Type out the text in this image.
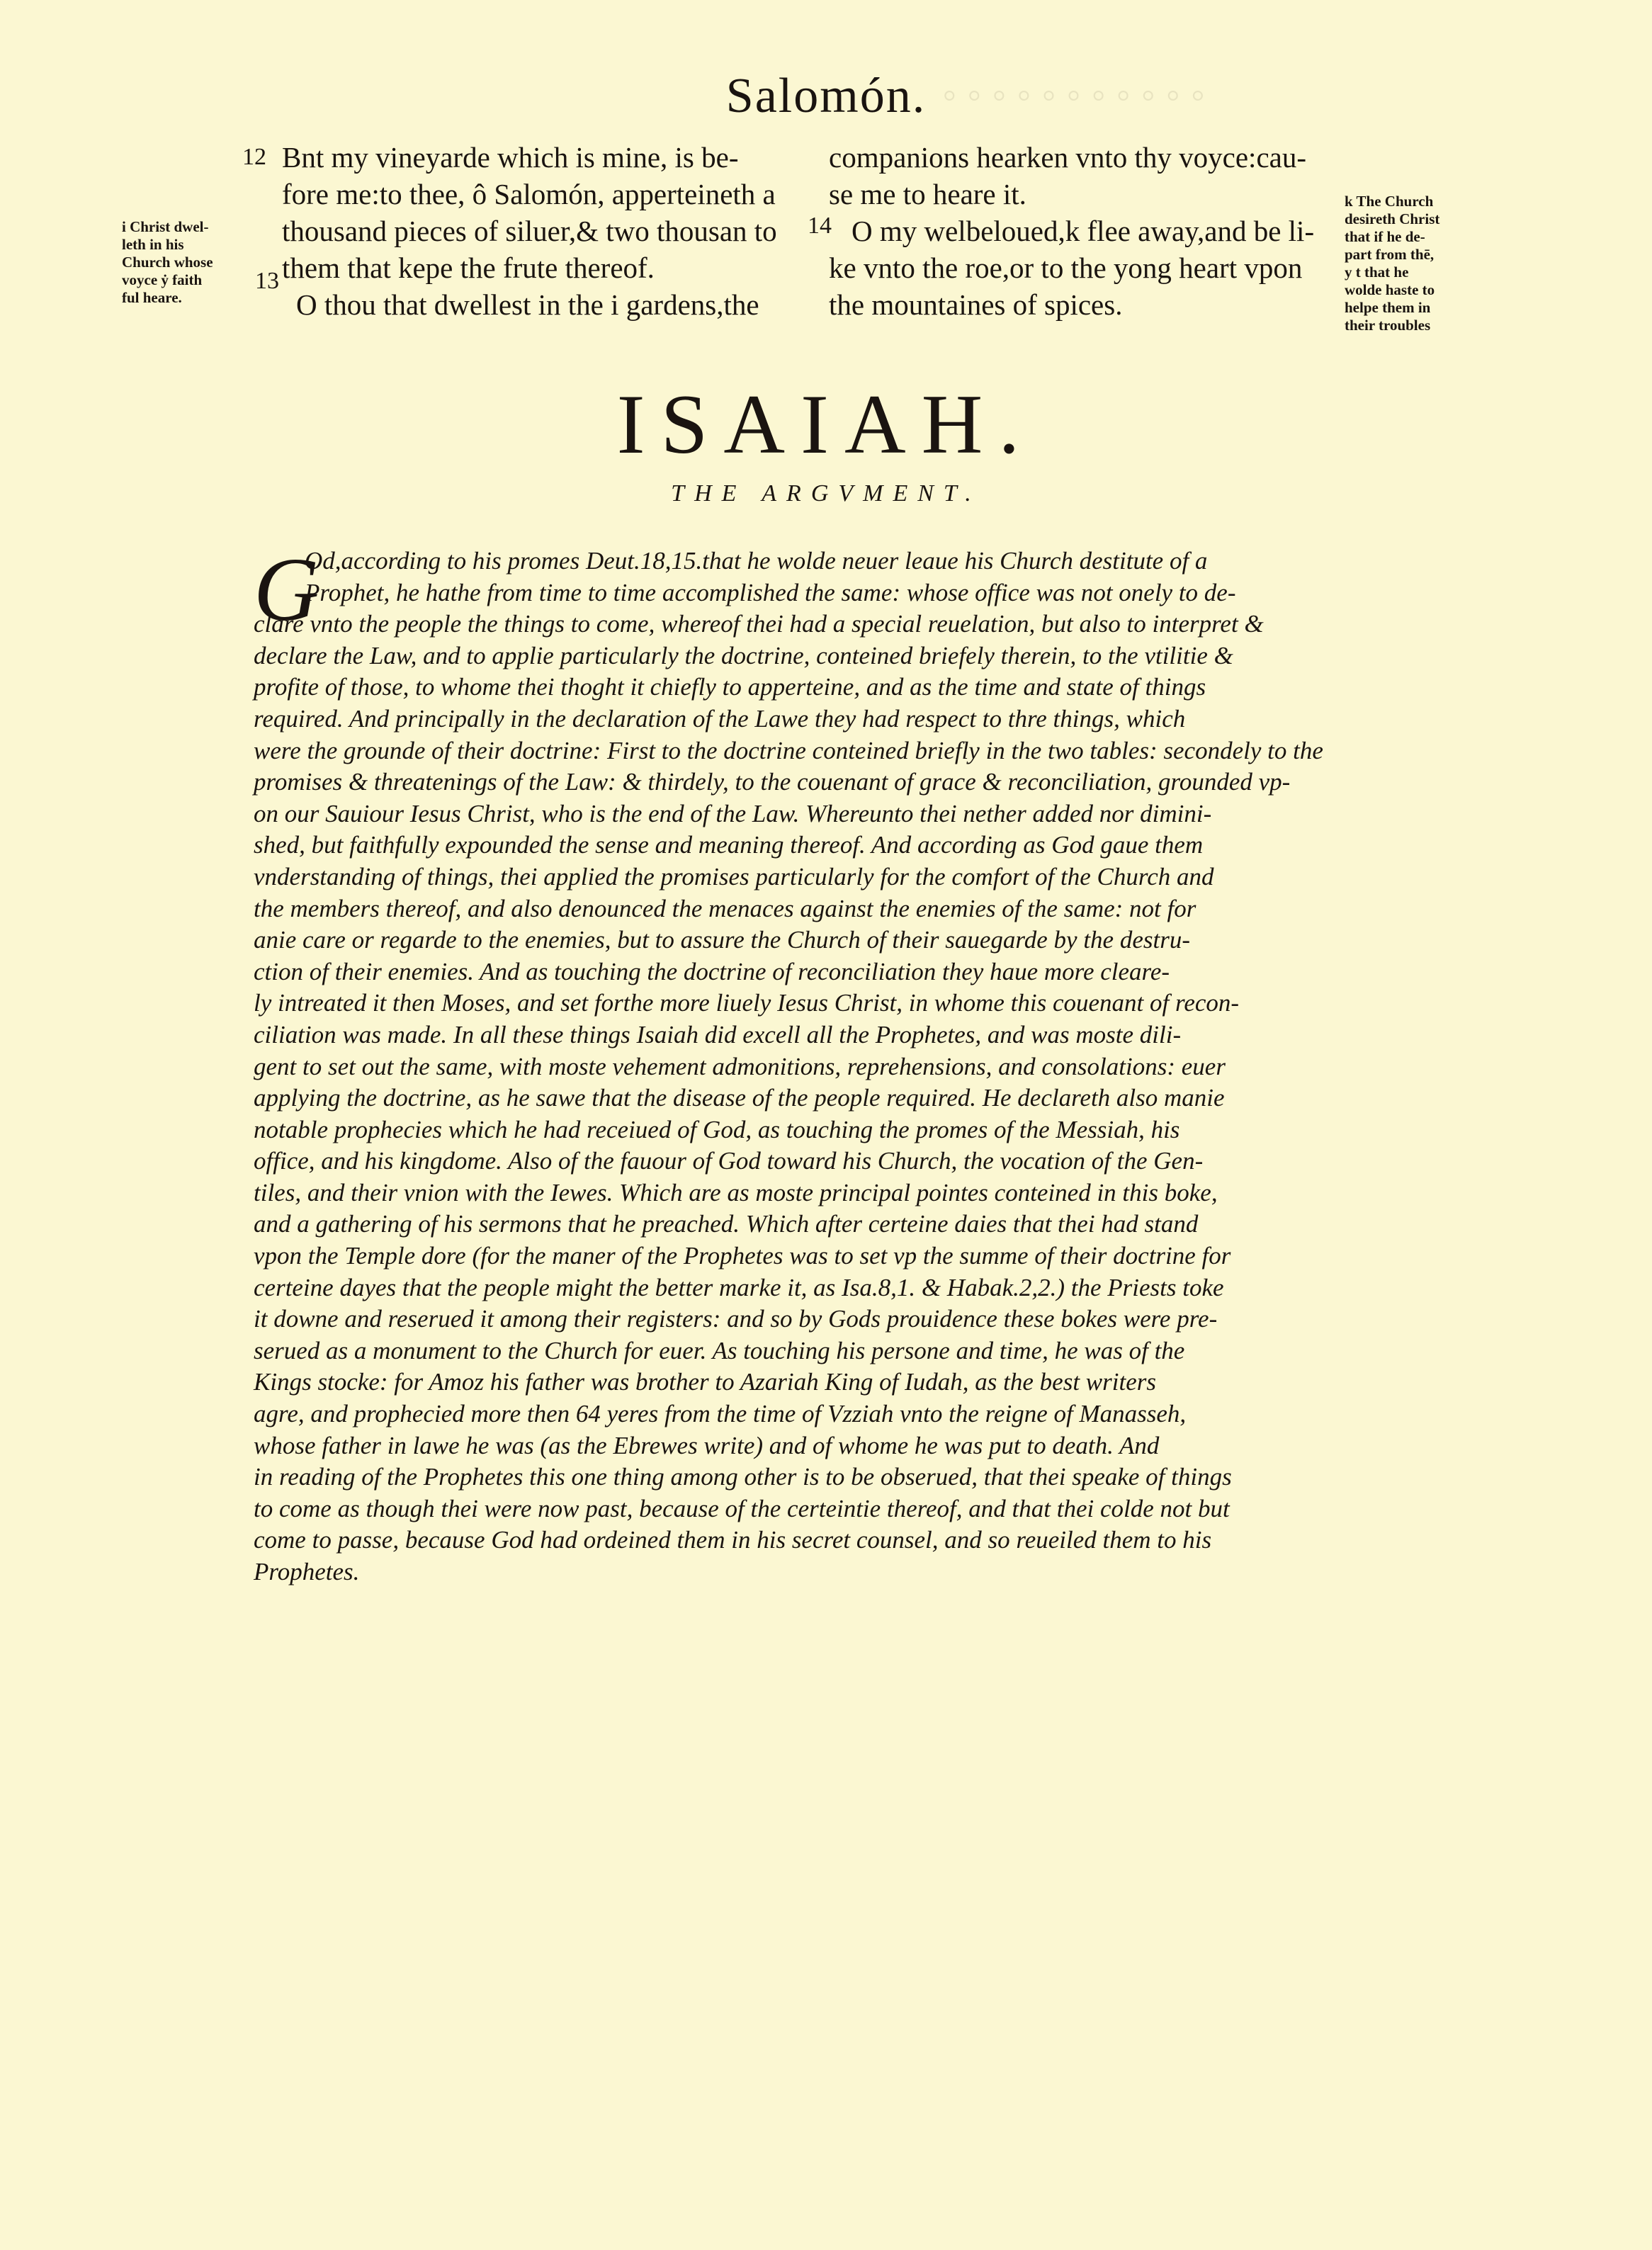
◦ ◦ ◦ ◦ ◦ ◦ ◦ ◦ ◦ ◦ ◦
Salomón.
12
13
14
i Christ dwel-
leth in his
Church whose
voyce ẏ faith
ful heare.
k The Church
desireth Christ
that if he de-
part from thē,
y t that he
wolde haste to
helpe them in
their troubles
Bnt my vineyarde which is mine, is be-
fore me:to thee, ô Salomón, apperteineth a
thousand pieces of siluer,& two thousan to
them that kepe the frute thereof.
O thou that dwellest in the i gardens,the
companions hearken vnto thy voyce:cau-
se me to heare it.
O my welbeloued,k flee away,and be li-
ke vnto the roe,or to the yong heart vpon
the mountaines of spices.
ISAIAH.
THE ARGVMENT.
G
Od,according to his promes Deut.18,15.that he wolde neuer leaue his Church destitute of a
Prophet, he hathe from time to time accomplished the same: whose office was not onely to de-
clare vnto the people the things to come, whereof thei had a special reuelation, but also to interpret &
declare the Law, and to applie particularly the doctrine, conteined briefely therein, to the vtilitie &
profite of those, to whome thei thoght it chiefly to apperteine, and as the time and state of things
required. And principally in the declaration of the Lawe they had respect to thre things, which
were the grounde of their doctrine: First to the doctrine conteined briefly in the two tables: secondely to the
promises & threatenings of the Law: & thirdely, to the couenant of grace & reconciliation, grounded vp-
on our Sauiour Iesus Christ, who is the end of the Law. Whereunto thei nether added nor dimini-
shed, but faithfully expounded the sense and meaning thereof. And according as God gaue them
vnderstanding of things, thei applied the promises particularly for the comfort of the Church and
the members thereof, and also denounced the menaces against the enemies of the same: not for
anie care or regarde to the enemies, but to assure the Church of their sauegarde by the destru-
ction of their enemies. And as touching the doctrine of reconciliation they haue more cleare-
ly intreated it then Moses, and set forthe more liuely Iesus Christ, in whome this couenant of recon-
ciliation was made. In all these things Isaiah did excell all the Prophetes, and was moste dili-
gent to set out the same, with moste vehement admonitions, reprehensions, and consolations: euer
applying the doctrine, as he sawe that the disease of the people required. He declareth also manie
notable prophecies which he had receiued of God, as touching the promes of the Messiah, his
office, and his kingdome. Also of the fauour of God toward his Church, the vocation of the Gen-
tiles, and their vnion with the Iewes. Which are as moste principal pointes conteined in this boke,
and a gathering of his sermons that he preached. Which after certeine daies that thei had stand
vpon the Temple dore (for the maner of the Prophetes was to set vp the summe of their doctrine for
certeine dayes that the people might the better marke it, as Isa.8,1. & Habak.2,2.) the Priests toke
it downe and reserued it among their registers: and so by Gods prouidence these bokes were pre-
serued as a monument to the Church for euer. As touching his persone and time, he was of the
Kings stocke: for Amoz his father was brother to Azariah King of Iudah, as the best writers
agre, and prophecied more then 64 yeres from the time of Vzziah vnto the reigne of Manasseh,
whose father in lawe he was (as the Ebrewes write) and of whome he was put to death. And
in reading of the Prophetes this one thing among other is to be obserued, that thei speake of things
to come as though thei were now past, because of the certeintie thereof, and that thei colde not but
come to passe, because God had ordeined them in his secret counsel, and so reueiled them to his
Prophetes.
